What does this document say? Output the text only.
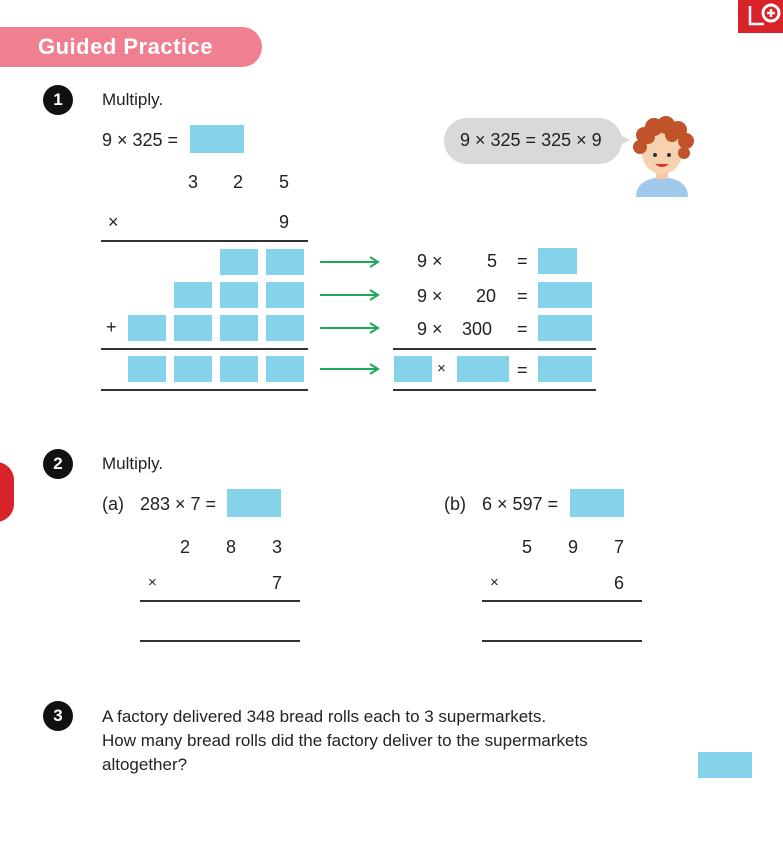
Guided Practice
1	Multiply.
9 × 325 =	9 × 325 = 325 × 9
3 2 5
×	9
+
9 × 5 =
9 × 20 =
9 × 300 =
×	=
2	Multiply.
(a) 283 × 7 =
2 8 3
×	7
(b) 6 × 597 =
5 9 7
×	6
3	A factory delivered 348 bread rolls each to 3 supermarkets.
How many bread rolls did the factory deliver to the supermarkets
altogether?
